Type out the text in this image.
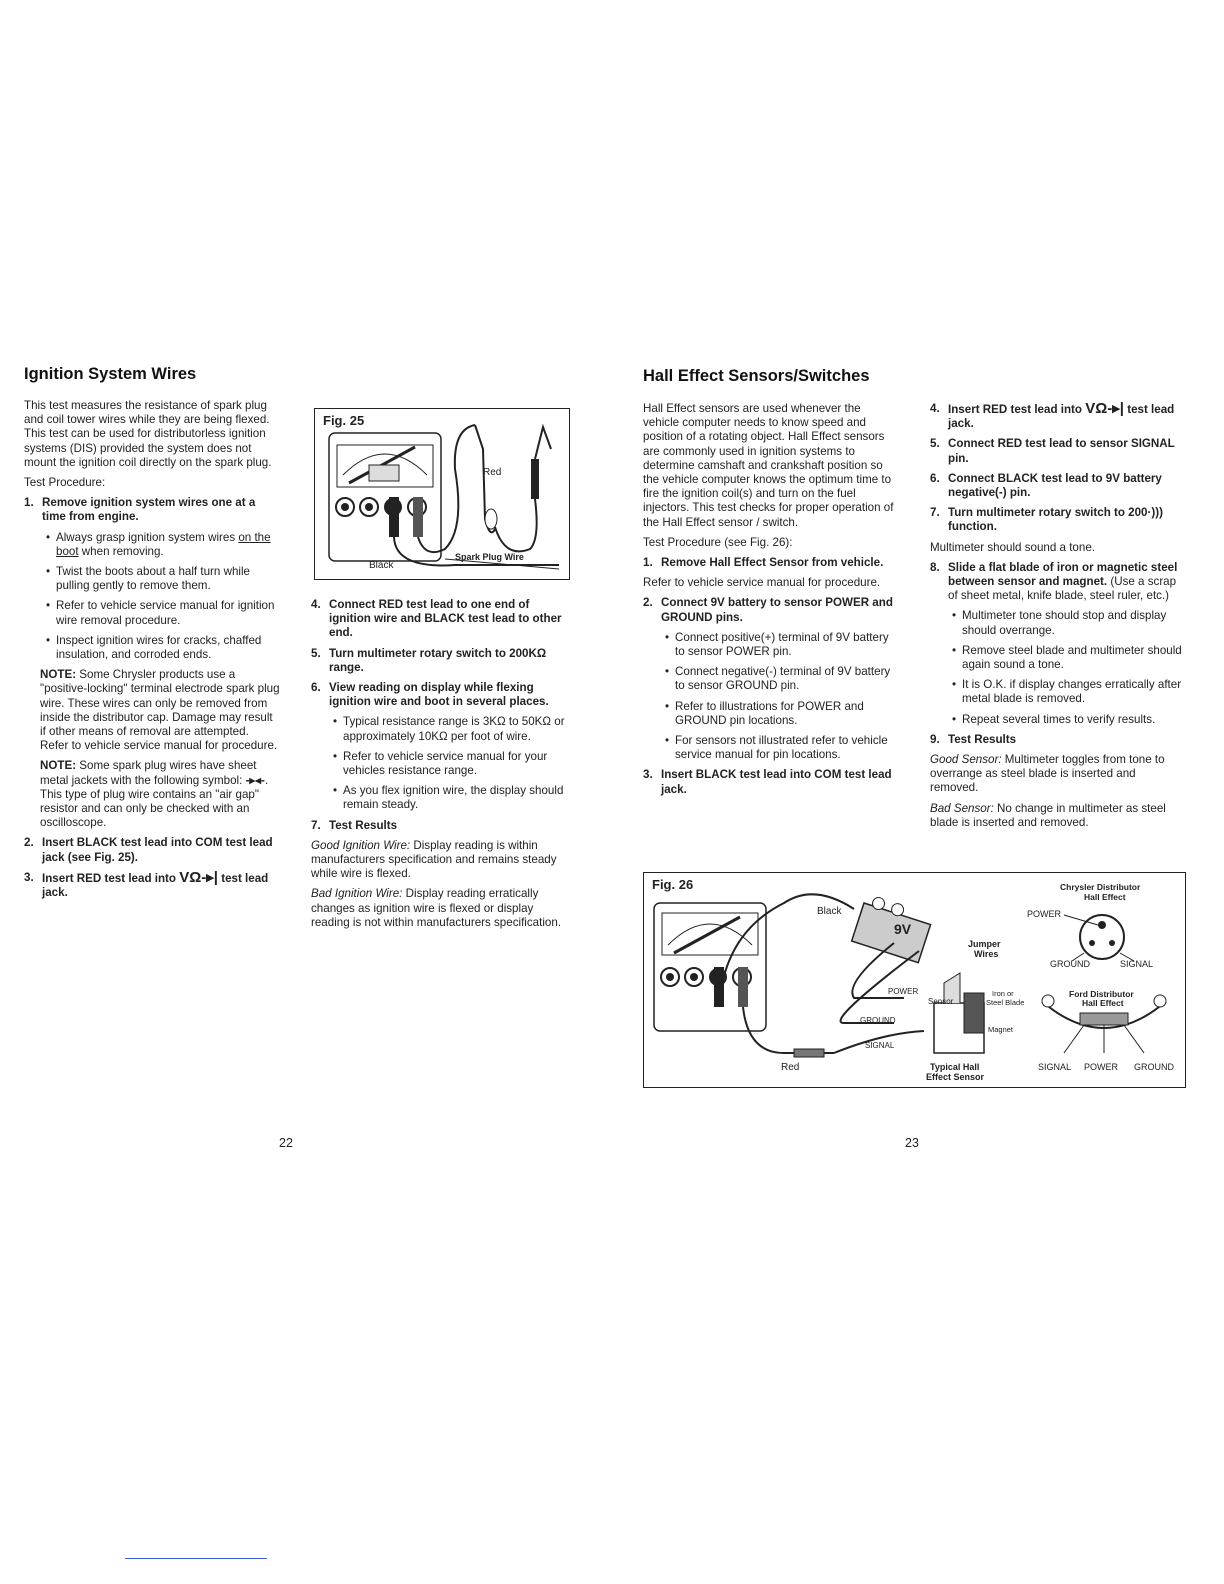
Ignition System Wires

This test measures the resistance of spark plug and coil tower wires while they are being flexed. This test can be used for distributorless ignition systems (DIS) provided the system does not mount the ignition coil directly on the spark plug.

Test Procedure:

1. Remove ignition system wires one at a time from engine.
• Always grasp ignition system wires on the boot when removing.
• Twist the boots about a half turn while pulling gently to remove them.
• Refer to vehicle service manual for ignition wire removal procedure.
• Inspect ignition wires for cracks, chaffed insulation, and corroded ends.

NOTE: Some Chrysler products use a "positive-locking" terminal electrode spark plug wire. These wires can only be removed from inside the distributor cap. Damage may result if other means of removal are attempted. Refer to vehicle service manual for procedure.

NOTE: Some spark plug wires have sheet metal jackets with the following symbol: -▸◂-. This type of plug wire contains an "air gap" resistor and can only be checked with an oscilloscope.

2. Insert BLACK test lead into COM test lead jack (see Fig. 25).
3. Insert RED test lead into VΩ-▸| test lead jack.
Fig. 25
Red
Black
Spark Plug Wire
4. Connect RED test lead to one end of ignition wire and BLACK test lead to other end.
5. Turn multimeter rotary switch to 200KΩ range.
6. View reading on display while flexing ignition wire and boot in several places.
• Typical resistance range is 3KΩ to 50KΩ or approximately 10KΩ per foot of wire.
• Refer to vehicle service manual for your vehicles resistance range.
• As you flex ignition wire, the display should remain steady.
7. Test Results

Good Ignition Wire: Display reading is within manufacturers specification and remains steady while wire is flexed.

Bad Ignition Wire: Display reading erratically changes as ignition wire is flexed or display reading is not within manufacturers specification.

22
Hall Effect Sensors/Switches

Hall Effect sensors are used whenever the vehicle computer needs to know speed and position of a rotating object. Hall Effect sensors are commonly used in ignition systems to determine camshaft and crankshaft position so the vehicle computer knows the optimum time to fire the ignition coil(s) and turn on the fuel injectors. This test checks for proper operation of the Hall Effect sensor / switch.

Test Procedure (see Fig. 26):

1. Remove Hall Effect Sensor from vehicle.

Refer to vehicle service manual for procedure.

2. Connect 9V battery to sensor POWER and GROUND pins.
• Connect positive(+) terminal of 9V battery to sensor POWER pin.
• Connect negative(-) terminal of 9V battery to sensor GROUND pin.
• Refer to illustrations for POWER and GROUND pin locations.
• For sensors not illustrated refer to vehicle service manual for pin locations.
3. Insert BLACK test lead into COM test lead jack.
4. Insert RED test lead into VΩ-▸| test lead jack.
5. Connect RED test lead to sensor SIGNAL pin.
6. Connect BLACK test lead to 9V battery negative(-) pin.
7. Turn multimeter rotary switch to 200·))) function.

Multimeter should sound a tone.

8. Slide a flat blade of iron or magnetic steel between sensor and magnet. (Use a scrap of sheet metal, knife blade, steel ruler, etc.)
• Multimeter tone should stop and display should overrange.
• Remove steel blade and multimeter should again sound a tone.
• It is O.K. if display changes erratically after metal blade is removed.
• Repeat several times to verify results.
9. Test Results

Good Sensor: Multimeter toggles from tone to overrange as steel blade is inserted and removed.

Bad Sensor: No change in multimeter as steel blade is inserted and removed.

Fig. 26
Black
9V
Jumper
Wires
POWER
Sensor
Iron or
Steel Blade
GROUND
Magnet
SIGNAL
Red	Typical Hall
Effect Sensor
Chrysler Distributor
Hall Effect
POWER
GROUND	SIGNAL
Ford Distributor
Hall Effect
SIGNAL POWER GROUND
23
